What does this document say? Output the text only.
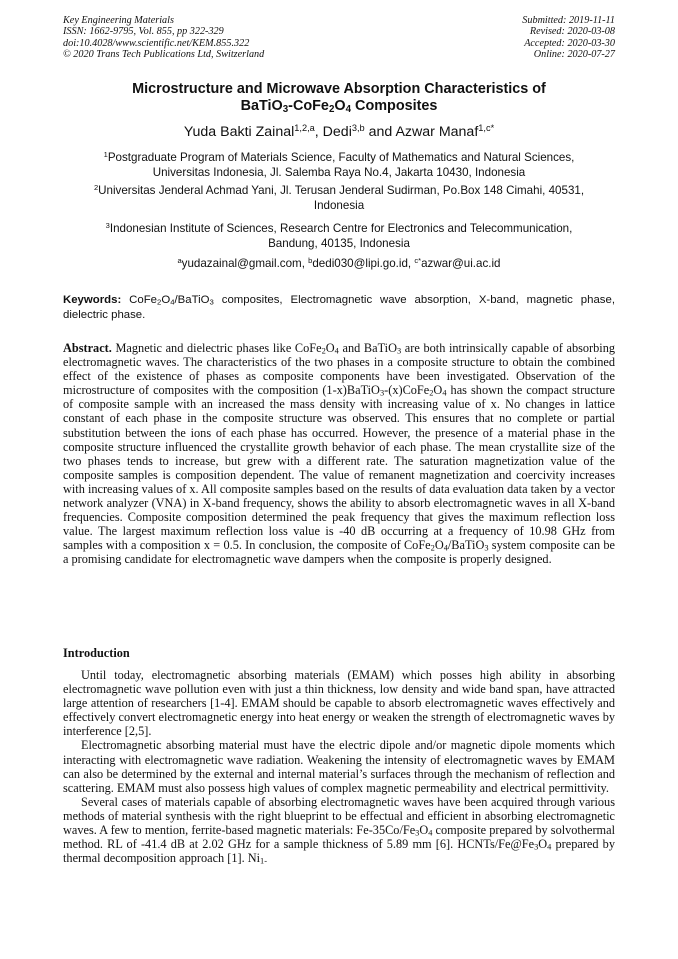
Key Engineering Materials
ISSN: 1662-9795, Vol. 855, pp 322-329
doi:10.4028/www.scientific.net/KEM.855.322
© 2020 Trans Tech Publications Ltd, Switzerland
Submitted: 2019-11-11
Revised: 2020-03-08
Accepted: 2020-03-30
Online: 2020-07-27
Microstructure and Microwave Absorption Characteristics of
$BaTiO_3-CoFe_2O_4$ Composites
Yuda Bakti Zainal$^{1,2,a}$, Dedi$^{3,b}$ and Azwar Manaf$^{1,c*}$
$^1$Postgraduate Program of Materials Science, Faculty of Mathematics and Natural Sciences,
Universitas Indonesia, Jl. Salemba Raya No.4, Jakarta 10430, Indonesia
$^2$Universitas Jenderal Achmad Yani, Jl. Terusan Jenderal Sudirman, Po.Box 148 Cimahi, 40531,
Indonesia
$^3$Indonesian Institute of Sciences, Research Centre for Electronics and Telecommunication,
Bandung, 40135, Indonesia
$^a$yudazainal@gmail.com, $^b$dedi030@lipi.go.id, $^{c*}$azwar@ui.ac.id
Keywords: $CoFe_2O_4/BaTiO_3$ composites, Electromagnetic wave absorption, X-band, magnetic phase, dielectric phase.

Abstract. Magnetic and dielectric phases like $CoFe_2O_4$ and BaTiO$_3$ are both intrinsically capable of absorbing electromagnetic waves. The characteristics of the two phases in a composite structure to obtain the combined effect of the existence of phases as composite components have been investigated. Observation of the microstructure of composites with the composition $(1-x)BaTiO_3-(x)CoFe_2O_4$ has shown the compact structure of composite sample with an increased the mass density with increasing value of x. No changes in lattice constant of each phase in the composite structure was observed. This ensures that no complete or partial substitution between the ions of each phase has occurred. However, the presence of a material phase in the composite structure influenced the crystallite growth behavior of each phase. The mean crystallite size of the two phases tends to increase, but grew with a different rate. The saturation magnetization value of the composite samples is composition dependent. The value of remanent magnetization and coercivity increases with increasing values of x. All composite samples based on the results of data evaluation data taken by a vector network analyzer (VNA) in X-band frequency, shows the ability to absorb electromagnetic waves in all X-band frequencies. Composite composition determined the peak frequency that gives the maximum reflection loss value. The largest maximum reflection loss value is -40 dB occurring at a frequency of 10.98 GHz from samples with a composition x = 0.5. In conclusion, the composite of $CoFe_2O_4/BaTiO_3$ system composite can be a promising candidate for electromagnetic wave dampers when the composite is properly designed.

Introduction

Until today, electromagnetic absorbing materials (EMAM) which posses high ability in absorbing electromagnetic wave pollution even with just a thin thickness, low density and wide band span, have attracted large attention of researchers [1-4]. EMAM should be capable to absorb electromagnetic waves effectively and effectively convert electromagnetic energy into heat energy or weaken the strength of electromagnetic waves by interference [2,5].

Electromagnetic absorbing material must have the electric dipole and/or magnetic dipole moments which interacting with electromagnetic wave radiation. Weakening the intensity of electromagnetic waves by EMAM can also be determined by the external and internal material’s surfaces through the mechanism of reflection and scattering. EMAM must also possess high values of complex magnetic permeability and electrical permittivity.

Several cases of materials capable of absorbing electromagnetic waves have been acquired through various methods of material synthesis with the right blueprint to be effectual and efficient in absorbing electromagnetic waves. A few to mention, ferrite-based magnetic materials: $Fe-35Co/Fe_3O_4$ composite prepared by solvothermal method. RL of -41.4 dB at 2.02 GHz for a sample thickness of 5.89 mm [6]. HCNTs/$Fe@Fe_3O_4$ prepared by thermal decomposition approach [1]. $Ni_{1-}$
